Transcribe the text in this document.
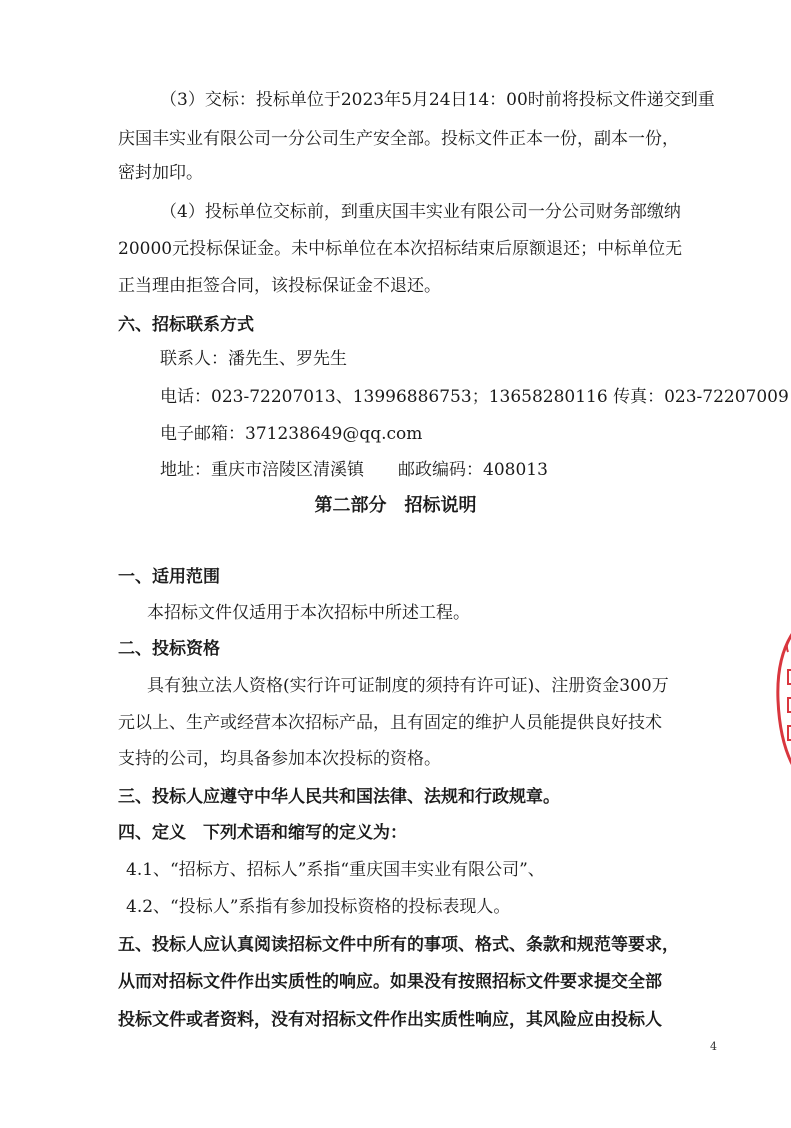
（3）交标：投标单位于2023年5月24日14：00时前将投标文件递交到重
庆国丰实业有限公司一分公司生产安全部。投标文件正本一份，副本一份，
密封加印。
（4）投标单位交标前，到重庆国丰实业有限公司一分公司财务部缴纳
20000元投标保证金。未中标单位在本次招标结束后原额退还；中标单位无
正当理由拒签合同，该投标保证金不退还。
六、招标联系方式
联系人：潘先生、罗先生
电话：023-72207013、13996886753；13658280116 传真：023-72207009
电子邮箱：371238649@qq.com
地址：重庆市涪陵区清溪镇　　邮政编码：408013
第二部分　招标说明
一、适用范围
本招标文件仅适用于本次招标中所述工程。
二、投标资格
具有独立法人资格(实行许可证制度的须持有许可证)、注册资金300万
元以上、生产或经营本次招标产品，且有固定的维护人员能提供良好技术
支持的公司，均具备参加本次投标的资格。
三、投标人应遵守中华人民共和国法律、法规和行政规章。
四、定义　下列术语和缩写的定义为：
4.1、“招标方、招标人”系指“重庆国丰实业有限公司”、
4.2、“投标人”系指有参加投标资格的投标表现人。
五、投标人应认真阅读招标文件中所有的事项、格式、条款和规范等要求，
从而对招标文件作出实质性的响应。如果没有按照招标文件要求提交全部
投标文件或者资料，没有对招标文件作出实质性响应，其风险应由投标人
4
